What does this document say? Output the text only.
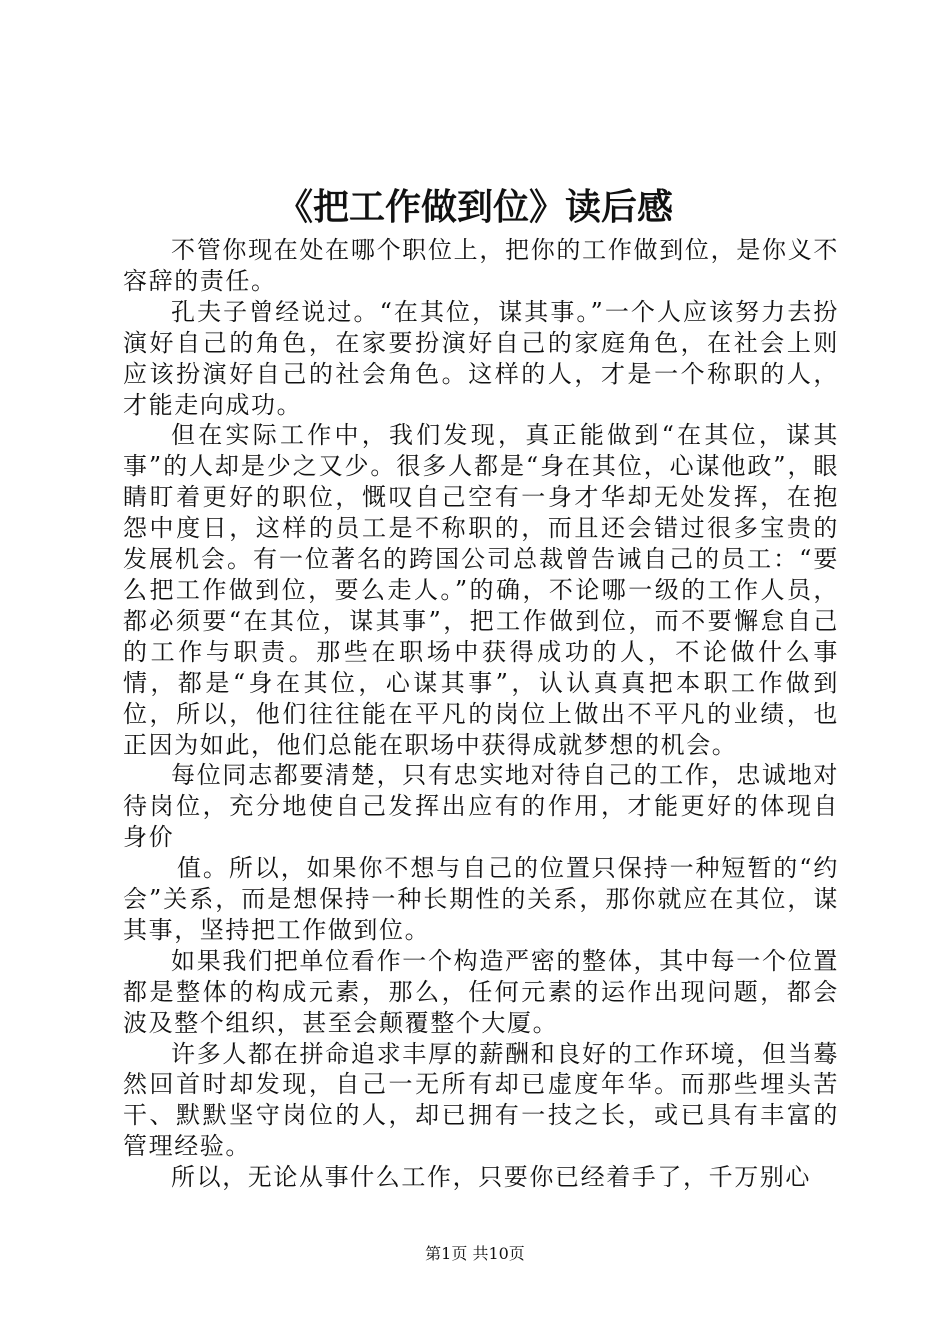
《把工作做到位》读后感

不管你现在处在哪个职位上，把你的工作做到位，是你义不容辞的责任。

孔夫子曾经说过。“在其位，谋其事。”一个人应该努力去扮演好自己的角色，在家要扮演好自己的家庭角色，在社会上则应该扮演好自己的社会角色。这样的人，才是一个称职的人，才能走向成功。

但在实际工作中，我们发现，真正能做到“在其位，谋其事”的人却是少之又少。很多人都是“身在其位，心谋他政”，眼睛盯着更好的职位，慨叹自己空有一身才华却无处发挥，在抱怨中度日，这样的员工是不称职的，而且还会错过很多宝贵的发展机会。有一位著名的跨国公司总裁曾告诫自己的员工：“要么把工作做到位，要么走人。”的确，不论哪一级的工作人员，都必须要“在其位，谋其事”，把工作做到位，而不要懈怠自己的工作与职责。那些在职场中获得成功的人，不论做什么事情，都是“身在其位，心谋其事”，认认真真把本职工作做到位，所以，他们往往能在平凡的岗位上做出不平凡的业绩，也正因为如此，他们总能在职场中获得成就梦想的机会。

每位同志都要清楚，只有忠实地对待自己的工作，忠诚地对待岗位，充分地使自己发挥出应有的作用，才能更好的体现自身价

值。所以，如果你不想与自己的位置只保持一种短暂的“约会”关系，而是想保持一种长期性的关系，那你就应在其位，谋其事，坚持把工作做到位。

如果我们把单位看作一个构造严密的整体，其中每一个位置都是整体的构成元素，那么，任何元素的运作出现问题，都会波及整个组织，甚至会颠覆整个大厦。

许多人都在拼命追求丰厚的薪酬和良好的工作环境，但当蓦然回首时却发现，自己一无所有却已虚度年华。而那些埋头苦干、默默坚守岗位的人，却已拥有一技之长，或已具有丰富的管理经验。

所以，无论从事什么工作，只要你已经着手了，千万别心

第1页 共10页
